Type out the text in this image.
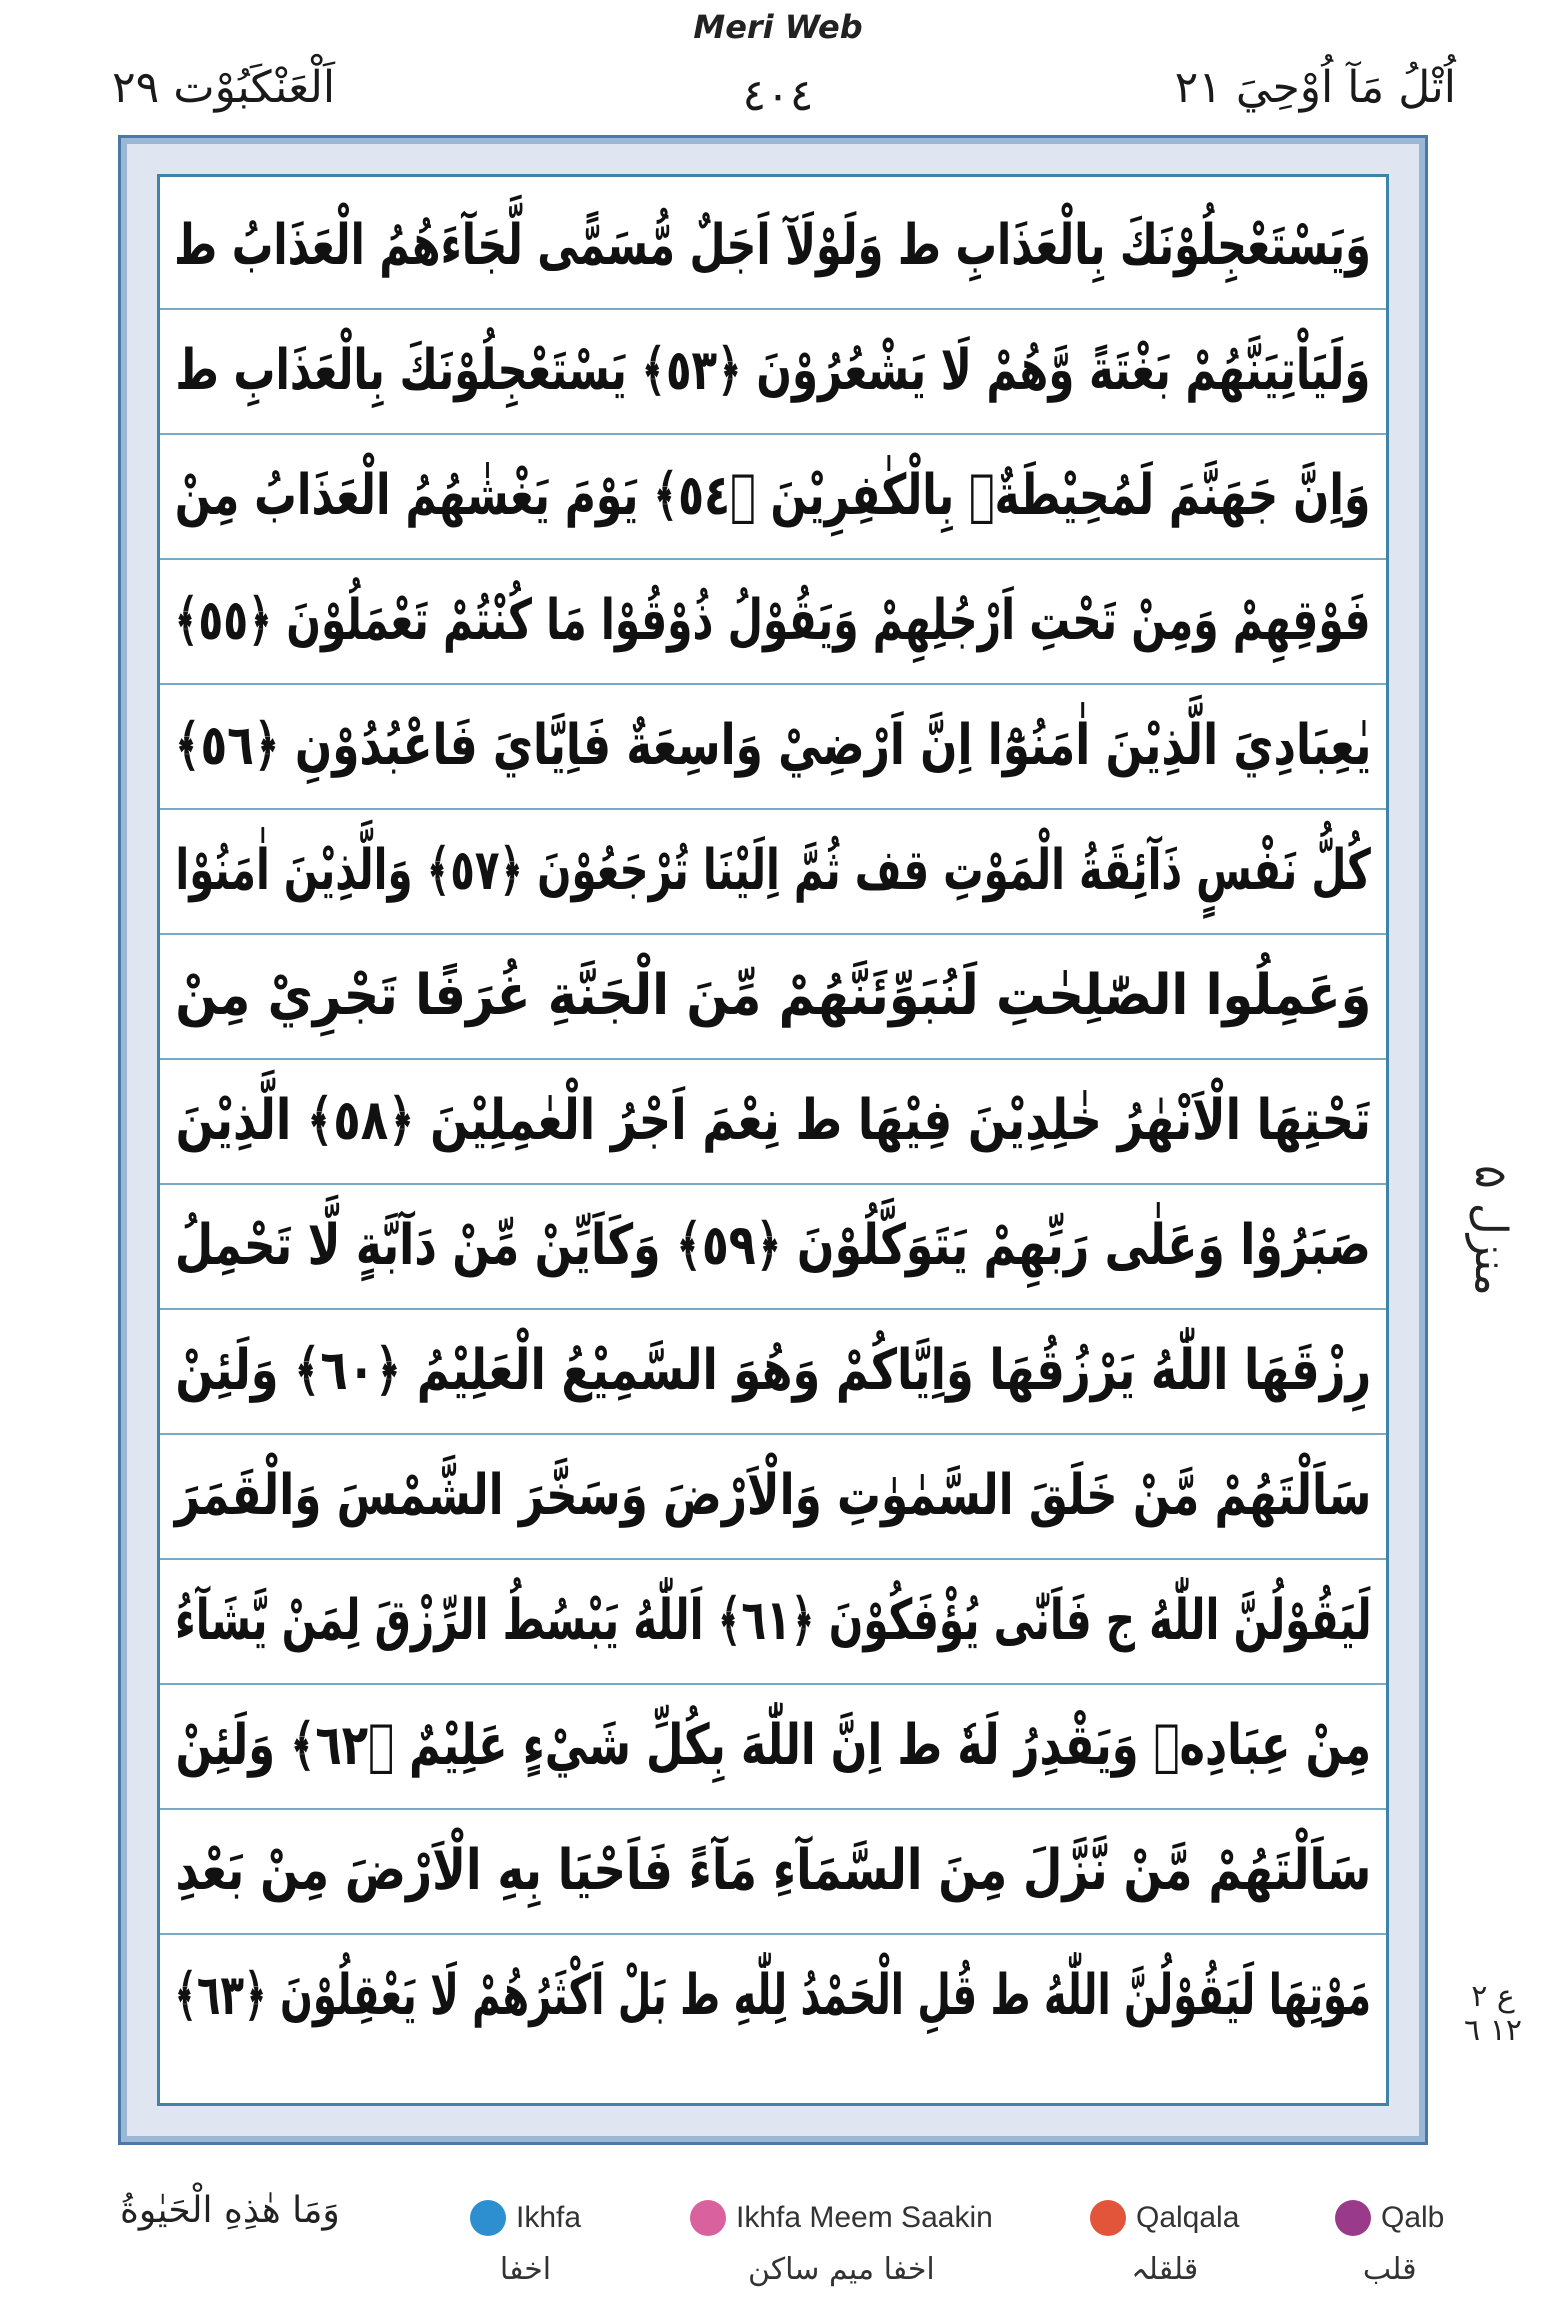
Meri Web
اَلْعَنْكَبُوْت ٢٩	٤٠٤	اُتْلُ مَآ اُوْحِيَ ٢١
وَيَسْتَعْجِلُوْنَكَ بِالْعَذَابِ ط وَلَوْلَآ اَجَلٌ مُّسَمًّى لَّجَآءَهُمُ الْعَذَابُ ط
وَلَيَاْتِيَنَّهُمْ بَغْتَةً وَّهُمْ لَا يَشْعُرُوْنَ ﴿٥٣﴾ يَسْتَعْجِلُوْنَكَ بِالْعَذَابِ ط
وَاِنَّ جَهَنَّمَ لَمُحِيْطَةٌۢ بِالْكٰفِرِيْنَ ﴿٥٤﴾ يَوْمَ يَغْشٰهُمُ الْعَذَابُ مِنْ
فَوْقِهِمْ وَمِنْ تَحْتِ اَرْجُلِهِمْ وَيَقُوْلُ ذُوْقُوْا مَا كُنْتُمْ تَعْمَلُوْنَ ﴿٥٥﴾
يٰعِبَادِيَ الَّذِيْنَ اٰمَنُوْٓا اِنَّ اَرْضِيْ وَاسِعَةٌ فَاِيَّايَ فَاعْبُدُوْنِ ﴿٥٦﴾
كُلُّ نَفْسٍ ذَآئِقَةُ الْمَوْتِ قف ثُمَّ اِلَيْنَا تُرْجَعُوْنَ ﴿٥٧﴾ وَالَّذِيْنَ اٰمَنُوْا
وَعَمِلُوا الصّٰلِحٰتِ لَنُبَوِّئَنَّهُمْ مِّنَ الْجَنَّةِ غُرَفًا تَجْرِيْ مِنْ
تَحْتِهَا الْاَنْهٰرُ خٰلِدِيْنَ فِيْهَا ط نِعْمَ اَجْرُ الْعٰمِلِيْنَ ﴿٥٨﴾ الَّذِيْنَ
صَبَرُوْا وَعَلٰى رَبِّهِمْ يَتَوَكَّلُوْنَ ﴿٥٩﴾ وَكَاَيِّنْ مِّنْ دَآبَّةٍ لَّا تَحْمِلُ
رِزْقَهَا اللّٰهُ يَرْزُقُهَا وَاِيَّاكُمْ وَهُوَ السَّمِيْعُ الْعَلِيْمُ ﴿٦٠﴾ وَلَئِنْ
سَاَلْتَهُمْ مَّنْ خَلَقَ السَّمٰوٰتِ وَالْاَرْضَ وَسَخَّرَ الشَّمْسَ وَالْقَمَرَ
لَيَقُوْلُنَّ اللّٰهُ ج فَاَنّٰى يُؤْفَكُوْنَ ﴿٦١﴾ اَللّٰهُ يَبْسُطُ الرِّزْقَ لِمَنْ يَّشَآءُ
مِنْ عِبَادِهٖ وَيَقْدِرُ لَهٗ ط اِنَّ اللّٰهَ بِكُلِّ شَيْءٍ عَلِيْمٌ ﴿٦٢﴾ وَلَئِنْ
سَاَلْتَهُمْ مَّنْ نَّزَّلَ مِنَ السَّمَآءِ مَآءً فَاَحْيَا بِهِ الْاَرْضَ مِنْ بَعْدِ
مَوْتِهَا لَيَقُوْلُنَّ اللّٰهُ ط قُلِ الْحَمْدُ لِلّٰهِ ط بَلْ اَكْثَرُهُمْ لَا يَعْقِلُوْنَ ﴿٦٣﴾
منزل ۵
ع ٢ ١٢ ٦
وَمَا هٰذِهِ الْحَيٰوةُ	Ikhfa
اخفا
Ikhfa Meem Saakin
اخفا میم ساکن
Qalqala
قلقلہ
Qalb
قلب
